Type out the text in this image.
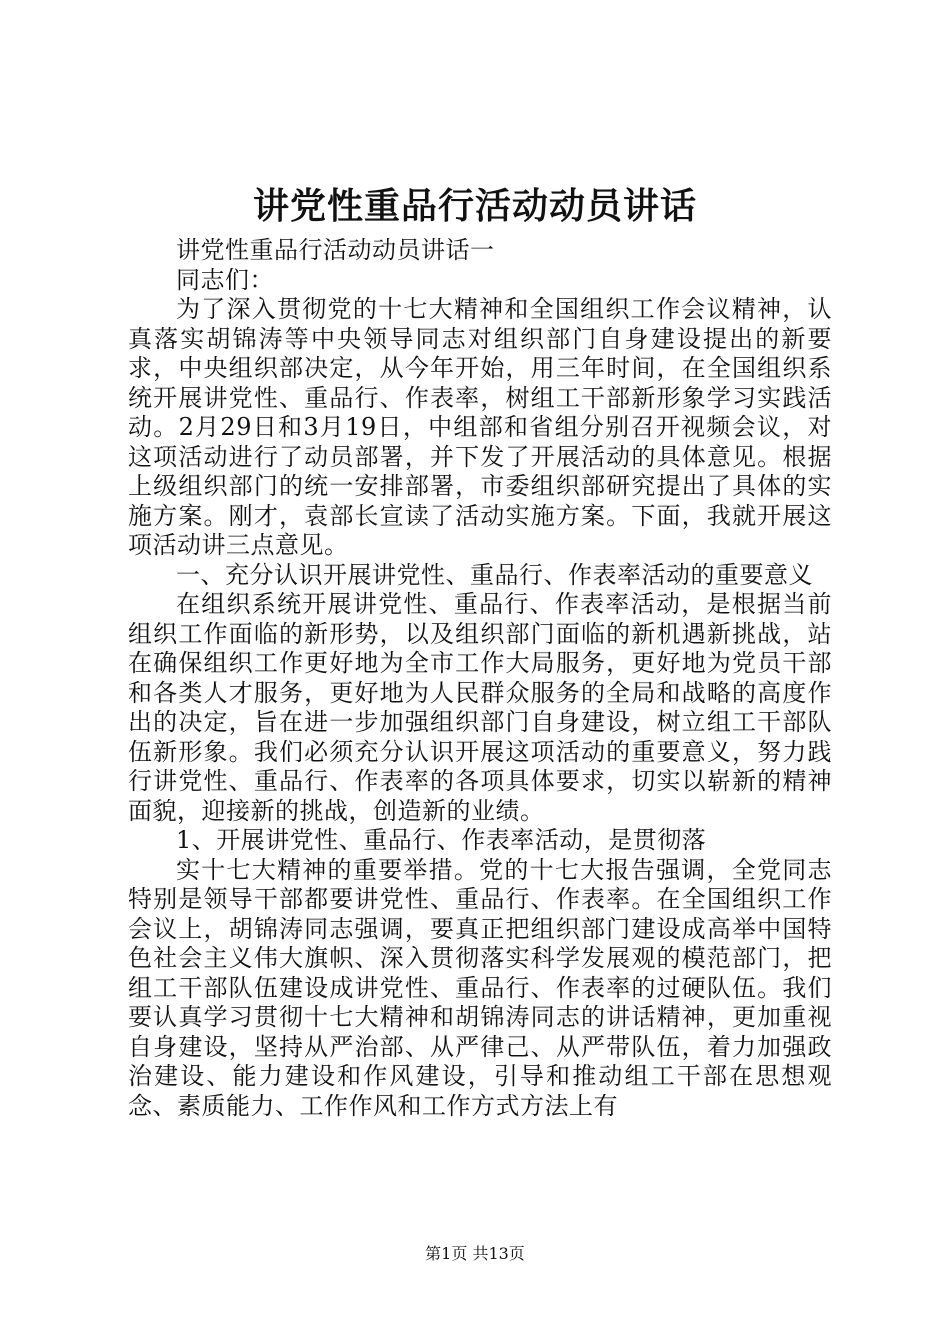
讲党性重品行活动动员讲话

讲党性重品行活动动员讲话一

同志们：

为了深入贯彻党的十七大精神和全国组织工作会议精神，认真落实胡锦涛等中央领导同志对组织部门自身建设提出的新要求，中央组织部决定，从今年开始，用三年时间，在全国组织系统开展讲党性、重品行、作表率，树组工干部新形象学习实践活动。2月29日和3月19日，中组部和省组分别召开视频会议，对这项活动进行了动员部署，并下发了开展活动的具体意见。根据上级组织部门的统一安排部署，市委组织部研究提出了具体的实施方案。刚才，袁部长宣读了活动实施方案。下面，我就开展这项活动讲三点意见。

一、充分认识开展讲党性、重品行、作表率活动的重要意义

在组织系统开展讲党性、重品行、作表率活动，是根据当前组织工作面临的新形势，以及组织部门面临的新机遇新挑战，站在确保组织工作更好地为全市工作大局服务，更好地为党员干部和各类人才服务，更好地为人民群众服务的全局和战略的高度作出的决定，旨在进一步加强组织部门自身建设，树立组工干部队伍新形象。我们必须充分认识开展这项活动的重要意义，努力践行讲党性、重品行、作表率的各项具体要求，切实以崭新的精神面貌，迎接新的挑战，创造新的业绩。

1、开展讲党性、重品行、作表率活动，是贯彻落

实十七大精神的重要举措。党的十七大报告强调，全党同志特别是领导干部都要讲党性、重品行、作表率。在全国组织工作会议上，胡锦涛同志强调，要真正把组织部门建设成高举中国特色社会主义伟大旗帜、深入贯彻落实科学发展观的模范部门，把组工干部队伍建设成讲党性、重品行、作表率的过硬队伍。我们要认真学习贯彻十七大精神和胡锦涛同志的讲话精神，更加重视自身建设，坚持从严治部、从严律己、从严带队伍，着力加强政治建设、能力建设和作风建设，引导和推动组工干部在思想观念、素质能力、工作作风和工作方式方法上有

第1页 共13页
